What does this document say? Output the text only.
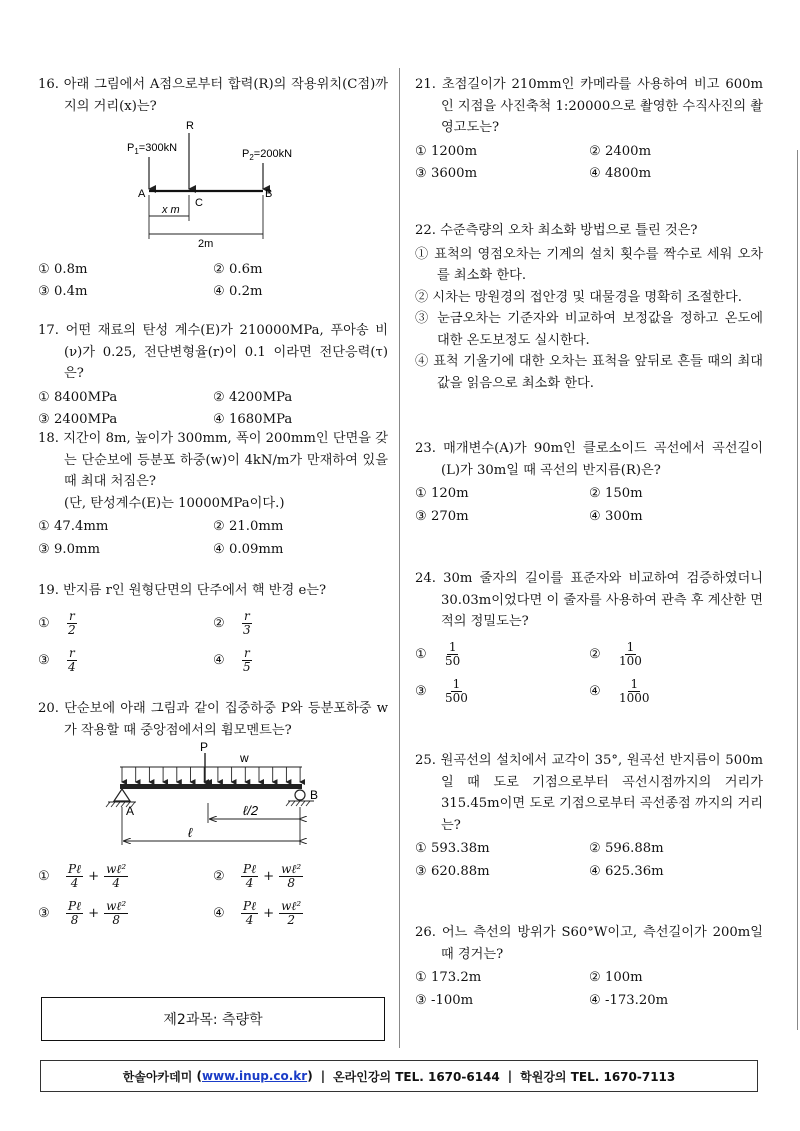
16. 아래 그림에서 A점으로부터 합력(R)의 작용위치(C점)까지의 거리(x)는?
R
$P_1=300kN$	$P_2=200kN$
A	B
C
x m
2m
① 0.8m	② 0.6m
③ 0.4m	④ 0.2m
17. 어떤 재료의 탄성 계수(E)가 210000MPa, 푸아송 비(ν)가 0.25, 전단변형율(r)이 0.1 이라면 전단응력(τ)은?
① 8400MPa	② 4200MPa
③ 2400MPa	④ 1680MPa
18. 지간이 8m, 높이가 300mm, 폭이 200mm인 단면을 갖는 단순보에 등분포 하중(w)이 4kN/m가 만재하여 있을 때 최대 처짐은?
(단, 탄성계수(E)는 10000MPa이다.)
① 47.4mm	② 21.0mm
③ 9.0mm	④ 0.09mm
19. 반지름 r인 원형단면의 단주에서 핵 반경 e는?
①	$\frac{r}{2}$	②	$\frac{r}{3}$
③	$\frac{r}{4}$	④	$\frac{r}{5}$
20. 단순보에 아래 그림과 같이 집중하중 P와 등분포하중 w가 작용할 때 중앙점에서의 휨모멘트는?
P
w
A
B
ℓ/2
ℓ
①	$\frac{\text{Pℓ}}{4} + \frac{\text{wℓ²}}{4}$	②	$\frac{\text{Pℓ}}{4} + \frac{\text{wℓ²}}{8}$
③	$\frac{\text{Pℓ}}{8} + \frac{\text{wℓ²}}{8}$	④	$\frac{\text{Pℓ}}{4} + \frac{\text{wℓ²}}{2}$
제2과목: 측량학
21. 초점길이가 210mm인 카메라를 사용하여 비고 600m인 지점을 사진축척 1:20000으로 촬영한 수직사진의 촬영고도는?
① 1200m	② 2400m
③ 3600m	④ 4800m
22. 수준측량의 오차 최소화 방법으로 틀린 것은?
① 표척의 영점오차는 기계의 설치 횟수를 짝수로 세워 오차를 최소화 한다.
② 시차는 망원경의 접안경 및 대물경을 명확히 조절한다.
③ 눈금오차는 기준자와 비교하여 보정값을 정하고 온도에 대한 온도보정도 실시한다.
④ 표척 기울기에 대한 오차는 표척을 앞뒤로 흔들 때의 최대값을 읽음으로 최소화 한다.
23. 매개변수(A)가 90m인 클로소이드 곡선에서 곡선길이(L)가 30m일 때 곡선의 반지름(R)은?
① 120m	② 150m
③ 270m	④ 300m
24. 30m 줄자의 길이를 표준자와 비교하여 검증하였더니 30.03m이었다면 이 줄자를 사용하여 관측 후 계산한 면적의 정밀도는?
①	$\frac{1}{50}$	②	$\frac{1}{100}$
③	$\frac{1}{500}$	④	$\frac{1}{1000}$
25. 원곡선의 설치에서 교각이 35°, 원곡선 반지름이 500m일 때 도로 기점으로부터 곡선시점까지의 거리가 315.45m이면 도로 기점으로부터 곡선종점 까지의 거리는?
① 593.38m	② 596.88m
③ 620.88m	④ 625.36m
26. 어느 측선의 방위가 S60°W이고, 측선길이가 200m일 때 경거는?
① 173.2m	② 100m
③ -100m	④ -173.20m
한솔아카데미
( www.inup.co.kr ) | 온라인강의 TEL. 1670-6144 | 학원강의 TEL. 1670-7113
